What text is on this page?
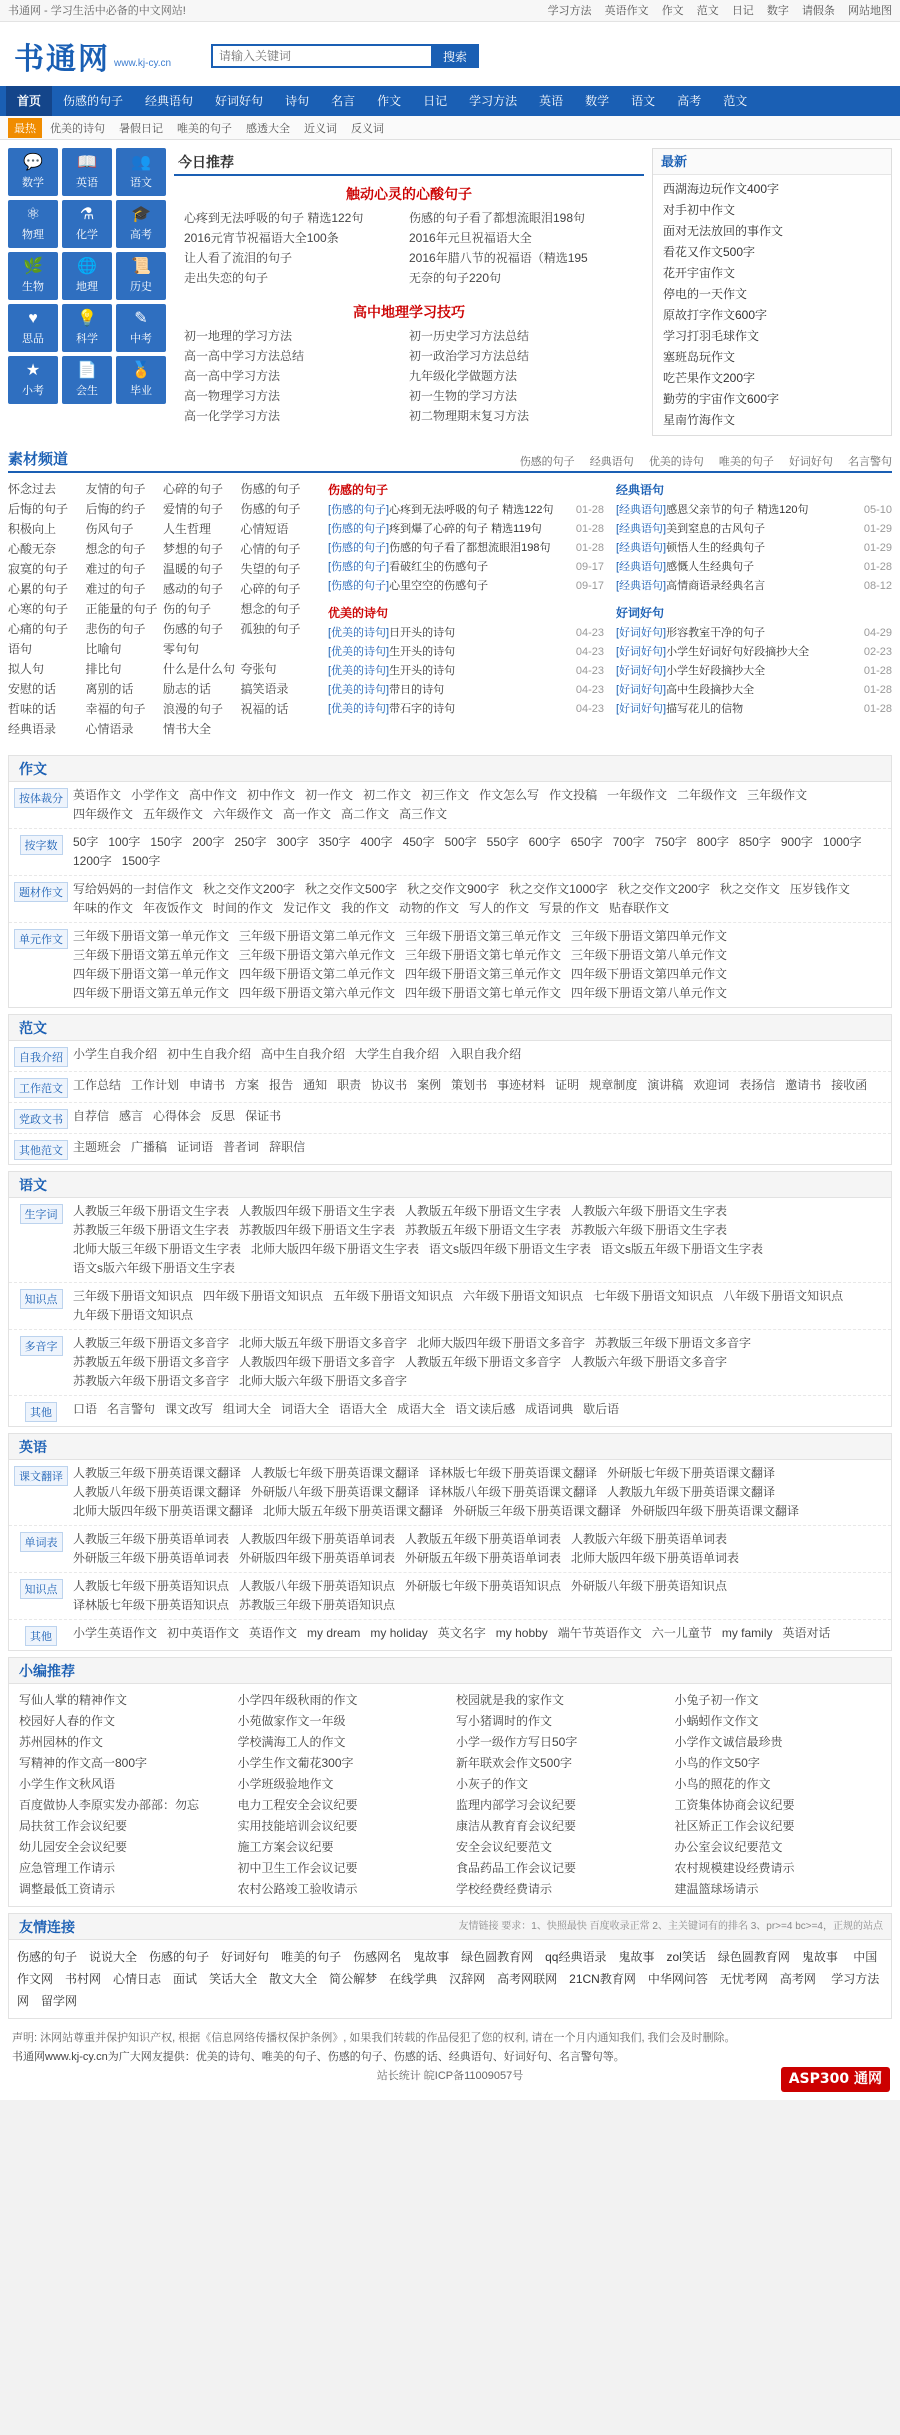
书通网 - 学习生活中必备的中文网站!	学习方法 英语作文 作文 范文 日记 数字 请假条 网站地图
书通网 www.kj-cy.cn
请输入关键词	搜索
首页	伤感的句子	经典语句	好词好句	诗句	名言	作文	日记	学习方法	英语	数学	语文	高考	范文
最热	优美的诗句 暑假日记 唯美的句子 感透大全 近义词 反义词
💬
数学
📖
英语
👥
语文
⚛
物理
⚗
化学
🎓
高考
🌿
生物
🌐
地理
📜
历史
♥
思品
💡
科学
✎
中考
★
小考
📄
会生
🏅
毕业
今日推荐
触动心灵的心酸句子
心疼到无法呼吸的句子 精选122句	伤感的句子看了都想流眼泪198句
2016元宵节祝福语大全100条	2016年元旦祝福语大全
让人看了流泪的句子	2016年腊八节的祝福语（精选195
走出失恋的句子	无奈的句子220句
高中地理学习技巧
初一地理的学习方法	初一历史学习方法总结
高一高中学习方法总结	初一政治学习方法总结
高一高中学习方法	九年级化学做题方法
高一物理学习方法	初一生物的学习方法
高一化学学习方法	初二物理期末复习方法
最新
西湖海边玩作文400字
对手初中作文
面对无法放回的事作文
看花又作文500字
花开宇宙作文
停电的一天作文
原故打字作文600字
学习打羽毛球作文
塞班岛玩作文
吃芒果作文200字
勤劳的宇宙作文600字
星南竹海作文
素材频道	伤感的句子 经典语句 优美的诗句 唯美的句子 好词好句 名言警句
怀念过去	友情的句子	心碎的句子	伤感的句子
后悔的句子	后悔的约子	爱情的句子	伤感的句子
积极向上	伤风句子	人生哲理	心情短语
心酸无奈	想念的句子	梦想的句子	心情的句子
寂寞的句子	难过的句子	温暖的句子	失望的句子
心累的句子	难过的句子	感动的句子	心碎的句子
心寒的句子	正能量的句子 伤的句子	想念的句子
心痛的句子	悲伤的句子	伤感的句子	孤独的句子
语句	比喻句	零句句
拟人句	排比句	什么是什么句 夸张句
安慰的话	离别的话	励志的话	搞笑语录
哲味的话	幸福的句子	浪漫的句子	祝福的话
经典语录	心情语录	情书大全
伤感的句子
[伤感的句子] 心疼到无法呼吸的句子 精选122句	01-28
[伤感的句子] 疼到爆了心碎的句子 精选119句	01-28
[伤感的句子] 伤感的句子看了都想流眼泪198句	01-28
[伤感的句子] 看破红尘的伤感句子	09-17
[伤感的句子] 心里空空的伤感句子	09-17
经典语句
[经典语句] 感恩父亲节的句子 精选120句	05-10
[经典语句] 美到窒息的古风句子	01-29
[经典语句] 顿悟人生的经典句子	01-29
[经典语句] 感慨人生经典句子	01-28
[经典语句] 高情商语录经典名言	08-12
优美的诗句
[优美的诗句] 日开头的诗句	04-23
[优美的诗句] 生开头的诗句	04-23
[优美的诗句] 生开头的诗句	04-23
[优美的诗句] 带日的诗句	04-23
[优美的诗句] 带石字的诗句	04-23
好词好句
[好词好句] 形容教室干净的句子	04-29
[好词好句] 小学生好词好句好段摘抄大全	02-23
[好词好句] 小学生好段摘抄大全	01-28
[好词好句] 高中生段摘抄大全	01-28
[好词好句] 描写花儿的信物	01-28
作文
按体裁分 英语作文 小学作文 高中作文 初中作文 初一作文 初二作文 初三作文 作文怎么写 作文投稿 一年级作文 二年级作文 三年级作文四年级作文 五年级作文 六年级作文 高一作文 高二作文 高三作文
按字数	50字 100字 150字 200字 250字 300字 350字 400字 450字 500字 550字 600字 650字 700字 750字 800字 850字 900字 1000字1200字 1500字
题材作文 写给妈妈的一封信作文 秋之交作文200字 秋之交作文500字 秋之交作文900字 秋之交作文1000字 秋之交作文200字 秋之交作文 压岁钱作文年味的作文 年夜饭作文 时间的作文 发记作文 我的作文 动物的作文 写人的作文 写景的作文 贴春联作文
单元作文 三年级下册语文第一单元作文 三年级下册语文第二单元作文 三年级下册语文第三单元作文 三年级下册语文第四单元作文三年级下册语文第五单元作文 三年级下册语文第六单元作文 三年级下册语文第七单元作文 三年级下册语文第八单元作文四年级下册语文第一单元作文 四年级下册语文第二单元作文 四年级下册语文第三单元作文 四年级下册语文第四单元作文四年级下册语文第五单元作文 四年级下册语文第六单元作文 四年级下册语文第七单元作文 四年级下册语文第八单元作文
范文
自我介绍 小学生自我介绍 初中生自我介绍 高中生自我介绍 大学生自我介绍 入职自我介绍
工作范文 工作总结 工作计划 申请书 方案 报告 通知 职责 协议书 案例 策划书 事迹材料 证明 规章制度 演讲稿 欢迎词 表扬信 邀请书 接收函
党政文书 自荐信 感言 心得体会 反思 保证书
其他范文 主题班会 广播稿 证词语 普者词 辞职信
语文
生字词	人教版三年级下册语文生字表 人教版四年级下册语文生字表 人教版五年级下册语文生字表 人教版六年级下册语文生字表苏教版三年级下册语文生字表 苏教版四年级下册语文生字表 苏教版五年级下册语文生字表 苏教版六年级下册语文生字表北师大版三年级下册语文生字表 北师大版四年级下册语文生字表 语文s版四年级下册语文生字表 语文s版五年级下册语文生字表语文s版六年级下册语文生字表
知识点	三年级下册语文知识点 四年级下册语文知识点 五年级下册语文知识点 六年级下册语文知识点 七年级下册语文知识点 八年级下册语文知识点九年级下册语文知识点
多音字	人教版三年级下册语文多音字 北师大版五年级下册语文多音字 北师大版四年级下册语文多音字 苏教版三年级下册语文多音字苏教版五年级下册语文多音字 人教版四年级下册语文多音字 人教版五年级下册语文多音字 人教版六年级下册语文多音字苏教版六年级下册语文多音字 北师大版六年级下册语文多音字
其他	口语 名言警句 课文改写 组词大全 词语大全 语语大全 成语大全 语文读后感 成语词典 歇后语
英语
课文翻译 人教版三年级下册英语课文翻译 人教版七年级下册英语课文翻译 译林版七年级下册英语课文翻译 外研版七年级下册英语课文翻译人教版八年级下册英语课文翻译 外研版八年级下册英语课文翻译 译林版八年级下册英语课文翻译 人教版九年级下册英语课文翻译北师大版四年级下册英语课文翻译 北师大版五年级下册英语课文翻译 外研版三年级下册英语课文翻译 外研版四年级下册英语课文翻译
单词表	人教版三年级下册英语单词表 人教版四年级下册英语单词表 人教版五年级下册英语单词表 人教版六年级下册英语单词表外研版三年级下册英语单词表 外研版四年级下册英语单词表 外研版五年级下册英语单词表 北师大版四年级下册英语单词表
知识点	人教版七年级下册英语知识点 人教版八年级下册英语知识点 外研版七年级下册英语知识点 外研版八年级下册英语知识点译林版七年级下册英语知识点 苏教版三年级下册英语知识点
其他	小学生英语作文 初中英语作文 英语作文 my dream my holiday 英文名字 my hobby 端午节英语作文 六一儿童节 my family 英语对话
小编推荐
写仙人掌的精神作文	小学四年级秋雨的作文	校园就是我的家作文	小兔子初一作文
校园好人春的作文	小苑做家作文一年级	写小猪调时的作文	小蜗蚓作文作文
苏州园林的作文	学校满海工人的作文	小学一级作方写日50字	小学作文诚信最珍贵
写精神的作文高一800字	小学生作文葡花300字	新年联欢会作文500字	小鸟的作文50字
小学生作文秋风语	小学班级验地作文	小灰子的作文	小鸟的照花的作文
百度做协人李原实发办部部：勿忘	电力工程安全会议纪要	监理内部学习会议纪要	工资集体协商会议纪要
局扶贫工作会议纪要	实用技能培训会议纪要	康洁从教育育会议纪要	社区矫正工作会议纪要
幼儿园安全会议纪要	施工方案会议纪要	安全会议纪要范文	办公室会议纪要范文
应急管理工作请示	初中卫生工作会议记要	食品药品工作会议记要	农村规模建设经费请示
调整最低工资请示	农村公路竣工验收请示	学校经费经费请示	建温篮球场请示
友情连接	友情链接 要求：1、快照最快 百度收录正常 2、主关键词有的排名 3、pr>=4 bc>=4，正规的站点
伤感的句子 说说大全 伤感的句子 好词好句 唯美的句子 伤感网名 鬼故事 绿色圆教育网 qq经典语录 鬼故事 zol笑话 绿色圆教育网 鬼故事 中国作文网 书村网 心情日志 面试 笑话大全 散文大全 简公解梦 在线学典 汉辞网 高考网联网 21CN教育网 中华网问答 无忧考网 高考网 学习方法网 留学网
声明: 沐网站尊重并保护知识产权, 根据《信息网络传播权保护条例》, 如果我们转载的作品侵犯了您的权利, 请在一个月内通知我们, 我们会及时删除。
书通网www.kj-cy.cn为广大网友提供：优美的诗句、唯美的句子、伤感的句子、伤感的话、经典语句、好词好句、名言警句等。
站长统计 皖ICP备11009057号	ASP300 通网
